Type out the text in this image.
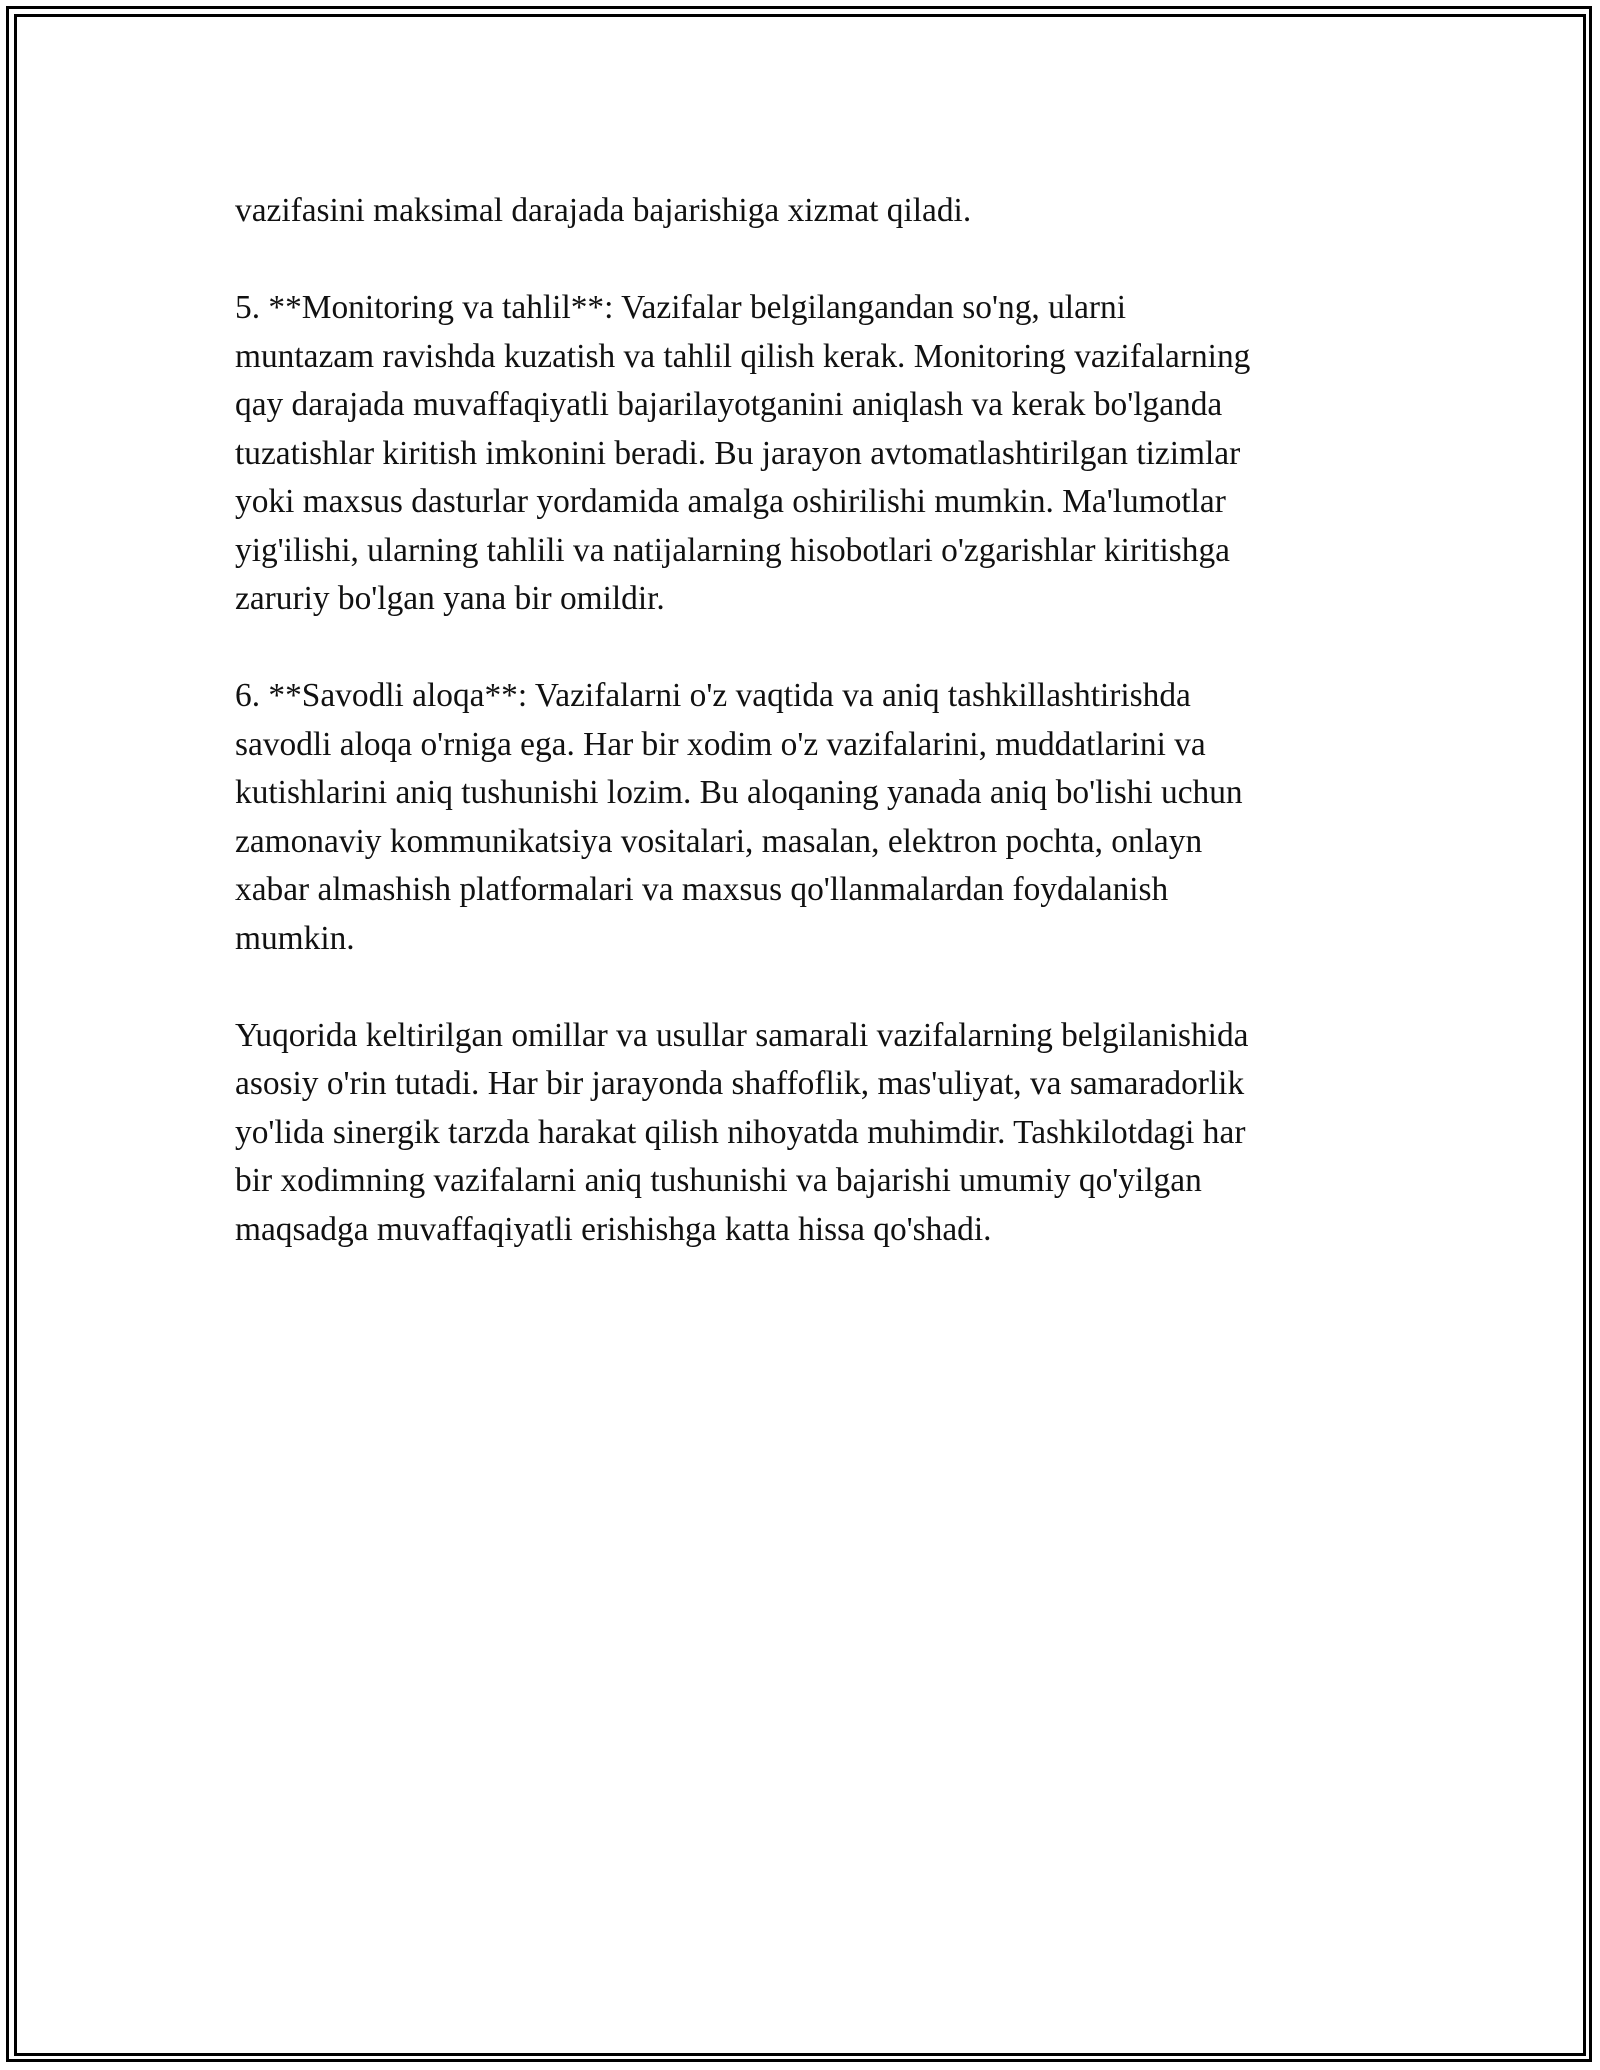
vazifasini maksimal darajada bajarishiga xizmat qiladi.

5. **Monitoring va tahlil**: Vazifalar belgilangandan so'ng, ularni
muntazam ravishda kuzatish va tahlil qilish kerak. Monitoring vazifalarning
qay darajada muvaffaqiyatli bajarilayotganini aniqlash va kerak bo'lganda
tuzatishlar kiritish imkonini beradi. Bu jarayon avtomatlashtirilgan tizimlar
yoki maxsus dasturlar yordamida amalga oshirilishi mumkin. Ma'lumotlar
yig'ilishi, ularning tahlili va natijalarning hisobotlari o'zgarishlar kiritishga
zaruriy bo'lgan yana bir omildir.

6. **Savodli aloqa**: Vazifalarni o'z vaqtida va aniq tashkillashtirishda
savodli aloqa o'rniga ega. Har bir xodim o'z vazifalarini, muddatlarini va
kutishlarini aniq tushunishi lozim. Bu aloqaning yanada aniq bo'lishi uchun
zamonaviy kommunikatsiya vositalari, masalan, elektron pochta, onlayn
xabar almashish platformalari va maxsus qo'llanmalardan foydalanish
mumkin.

Yuqorida keltirilgan omillar va usullar samarali vazifalarning belgilanishida
asosiy o'rin tutadi. Har bir jarayonda shaffoflik, mas'uliyat, va samaradorlik
yo'lida sinergik tarzda harakat qilish nihoyatda muhimdir. Tashkilotdagi har
bir xodimning vazifalarni aniq tushunishi va bajarishi umumiy qo'yilgan
maqsadga muvaffaqiyatli erishishga katta hissa qo'shadi.
